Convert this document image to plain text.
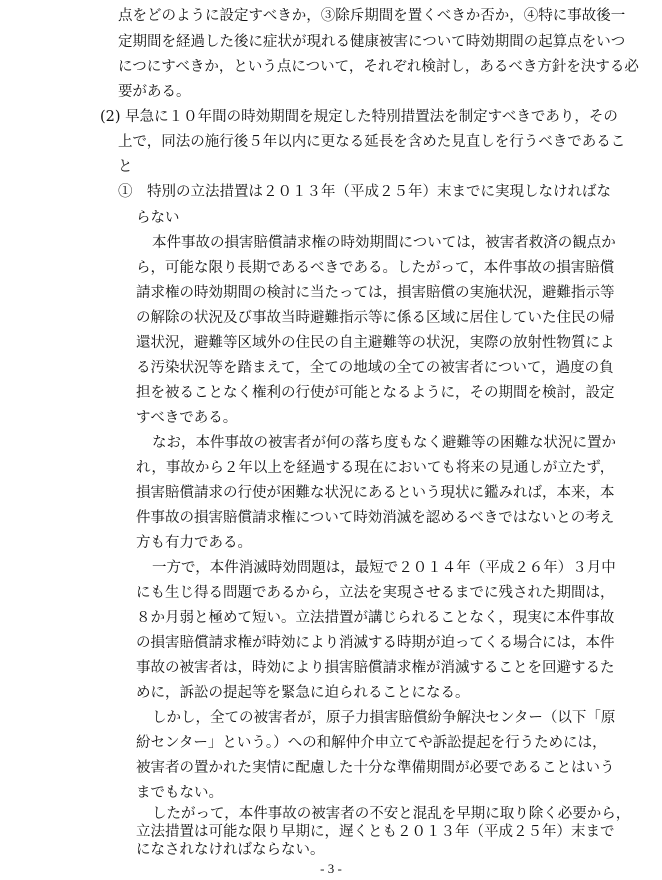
点をどのように設定すべきか，③除斥期間を置くべきか否か，④特に事故後一
定期間を経過した後に症状が現れる健康被害について時効期間の起算点をいつ
につにすべきか，という点について，それぞれ検討し，あるべき方針を決する必
要がある。
(2) 早急に１０年間の時効期間を規定した特別措置法を制定すべきであり，その
上で，同法の施行後５年以内に更なる延長を含めた見直しを行うべきであるこ
と
①　特別の立法措置は２０１３年（平成２５年）末までに実現しなければな
らない
本件事故の損害賠償請求権の時効期間については，被害者救済の観点か
ら，可能な限り長期であるべきである。したがって，本件事故の損害賠償
請求権の時効期間の検討に当たっては，損害賠償の実施状況，避難指示等
の解除の状況及び事故当時避難指示等に係る区域に居住していた住民の帰
還状況，避難等区域外の住民の自主避難等の状況，実際の放射性物質によ
る汚染状況等を踏まえて，全ての地域の全ての被害者について，過度の負
担を被ることなく権利の行使が可能となるように，その期間を検討，設定
すべきである。
なお，本件事故の被害者が何の落ち度もなく避難等の困難な状況に置か
れ，事故から２年以上を経過する現在においても将来の見通しが立たず，
損害賠償請求の行使が困難な状況にあるという現状に鑑みれば，本来，本
件事故の損害賠償請求権について時効消滅を認めるべきではないとの考え
方も有力である。
一方で，本件消滅時効問題は，最短で２０１４年（平成２６年）３月中
にも生じ得る問題であるから，立法を実現させるまでに残された期間は，
８か月弱と極めて短い。立法措置が講じられることなく，現実に本件事故
の損害賠償請求権が時効により消滅する時期が迫ってくる場合には，本件
事故の被害者は，時効により損害賠償請求権が消滅することを回避するた
めに，訴訟の提起等を緊急に迫られることになる。
しかし，全ての被害者が，原子力損害賠償紛争解決センター（以下「原
紛センター」という。）への和解仲介申立てや訴訟提起を行うためには，
被害者の置かれた実情に配慮した十分な準備期間が必要であることはいう
までもない。
したがって，本件事故の被害者の不安と混乱を早期に取り除く必要から，
立法措置は可能な限り早期に，遅くとも２０１３年（平成２５年）末まで
になされなければならない。
- 3 -
